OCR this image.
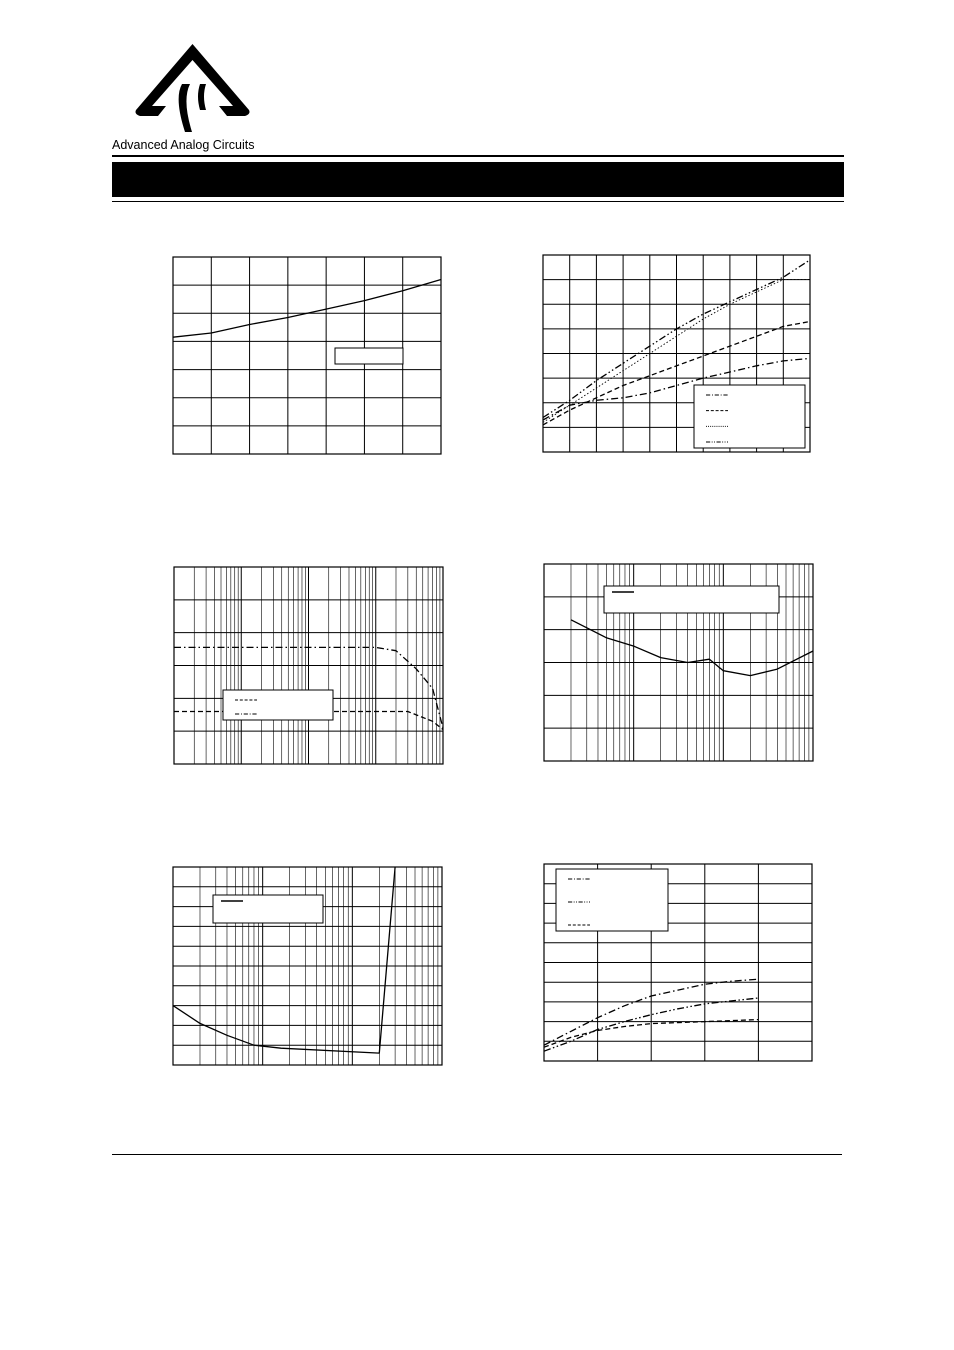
Advanced Analog Circuits
